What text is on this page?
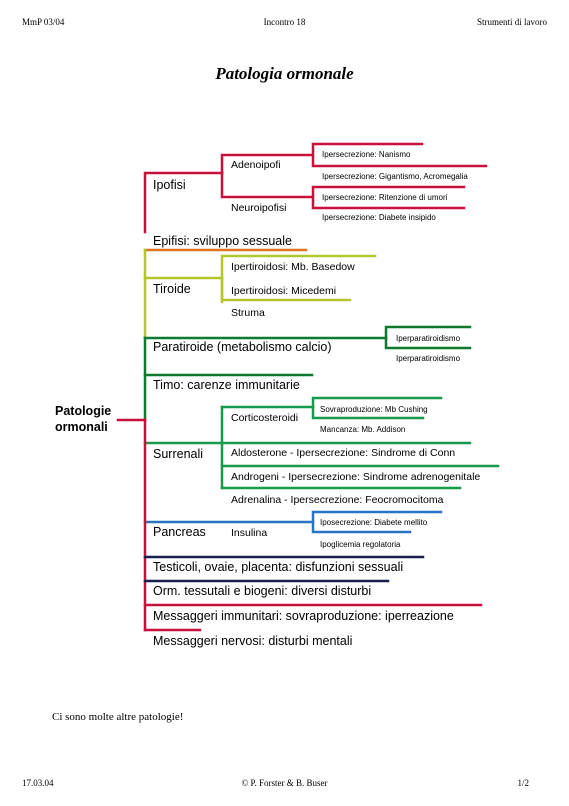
MmP 03/04	Incontro 18	Strumenti di lavoro
Patologia ormonale
Patologie
ormonali
Ipofisi
Adenoipofi
Ipersecrezione: Nanismo
Ipersecrezione: Gigantismo, Acromegalia
Neuroipofisi
Ipersecrezione: Ritenzione di umori
Ipersecrezione: Diabete insipido
Epifisi: sviluppo sessuale
Tiroide
Ipertiroidosi: Mb. Basedow
Ipertiroidosi: Micedemi
Struma
Paratiroide (metabolismo calcio)
Iperparatiroidismo
Iperparatiroidismo
Timo: carenze immunitarie
Surrenali
Corticosteroidi
Sovraproduzione: Mb Cushing
Mancanza: Mb. Addison
Aldosterone - Ipersecrezione: Sindrome di Conn
Androgeni - Ipersecrezione: Sindrome adrenogenitale
Adrenalina - Ipersecrezione: Feocromocitoma
Pancreas Insulina
Iposecrezione: Diabete mellito
Ipoglicemia regolatoria
Testicoli, ovaie, placenta: disfunzioni sessuali
Orm. tessutali e biogeni: diversi disturbi
Messaggeri immunitari: sovraproduzione: iperreazione
Messaggeri nervosi: disturbi mentali
Ci sono molte altre patologie!
17.03.04	© P. Forster & B. Buser	1/2
